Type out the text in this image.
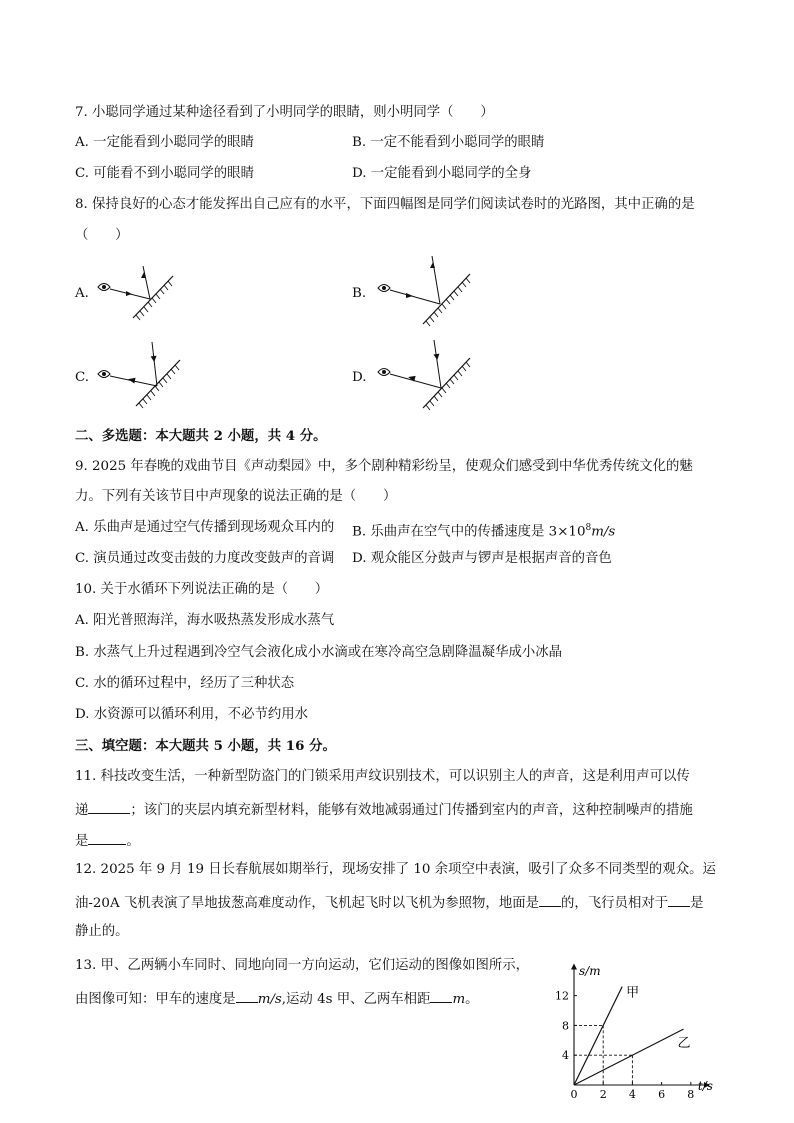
7. 小聪同学通过某种途径看到了小明同学的眼睛，则小明同学（　　）
A. 一定能看到小聪同学的眼睛	B. 一定不能看到小聪同学的眼睛
C. 可能看不到小聪同学的眼睛	D. 一定能看到小聪同学的全身
8. 保持良好的心态才能发挥出自己应有的水平，下面四幅图是同学们阅读试卷时的光路图，其中正确的是
（　　）
A.	B.
C.	D.
二、多选题：本大题共 2 小题，共 4 分。
9. 2025 年春晚的戏曲节目《声动梨园》中，多个剧种精彩纷呈，使观众们感受到中华优秀传统文化的魅
力。下列有关该节目中声现象的说法正确的是（　　）
A. 乐曲声是通过空气传播到现场观众耳内的 B. 乐曲声在空气中的传播速度是 $3\times 10^8m/s$
C. 演员通过改变击鼓的力度改变鼓声的音调 D. 观众能区分鼓声与锣声是根据声音的音色
10. 关于水循环下列说法正确的是（　　）
A. 阳光普照海洋，海水吸热蒸发形成水蒸气
B. 水蒸气上升过程遇到冷空气会液化成小水滴或在寒冷高空急剧降温凝华成小冰晶
C. 水的循环过程中，经历了三种状态
D. 水资源可以循环利用，不必节约用水
三、填空题：本大题共 5 小题，共 16 分。
11. 科技改变生活，一种新型防盗门的门锁采用声纹识别技术，可以识别主人的声音，这是利用声可以传
递	；该门的夹层内填充新型材料，能够有效地减弱通过门传播到室内的声音，这种控制噪声的措施
是	。
12. 2025 年 9 月 19 日长春航展如期举行，现场安排了 10 余项空中表演，吸引了众多不同类型的观众。运
油-20A 飞机表演了旱地拔葱高难度动作，飞机起飞时以飞机为参照物，地面是 的，飞行员相对于 是
静止的。
13. 甲、乙两辆小车同时、同地向同一方向运动，它们运动的图像如图所示，
由图像可知：甲车的速度是 m/s,运动 4s 甲、乙两车相距 m。
s/m
t/s
0 2 4 6 8
4
8
12	甲
乙
